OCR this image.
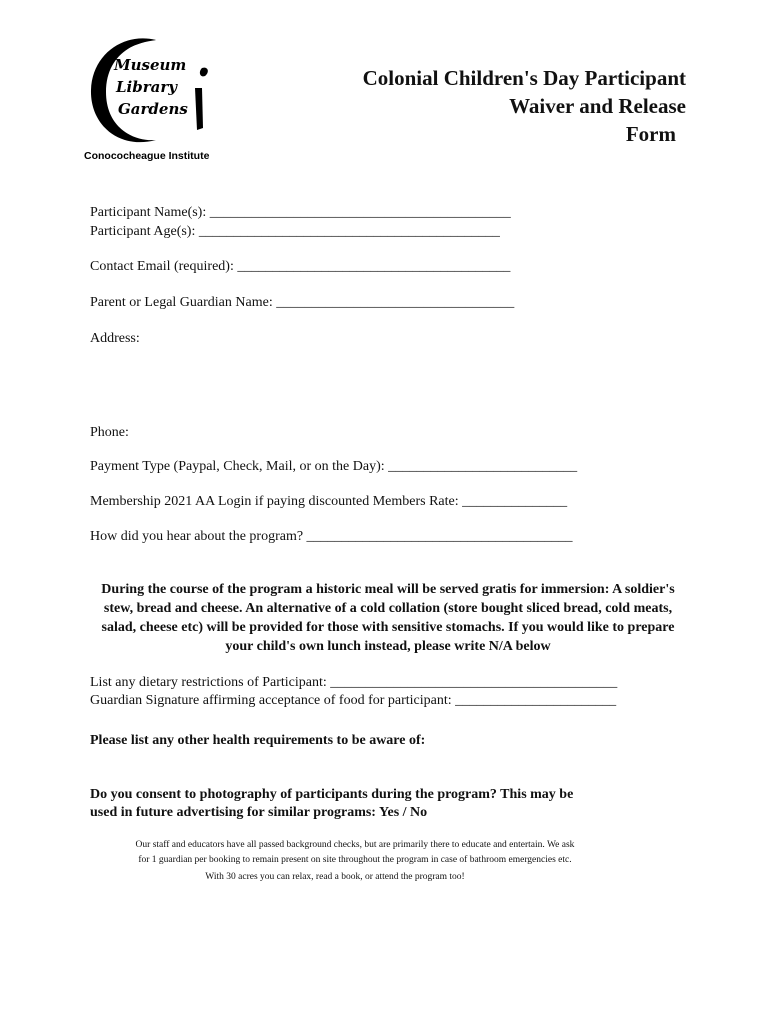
Museum
Library
Gardens
Conococheague Institute
Colonial Children's Day Participant
Waiver and Release
Form
Participant Name(s): ___________________________________________
Participant Age(s): ___________________________________________
Contact Email (required): _______________________________________
Parent or Legal Guardian Name: __________________________________
Address:
Phone:
Payment Type (Paypal, Check, Mail, or on the Day): ___________________________
Membership 2021 AA Login if paying discounted Members Rate: _______________
How did you hear about the program? ______________________________________
During the course of the program a historic meal will be served gratis for immersion: A soldier's stew, bread and cheese. An alternative of a cold collation (store bought sliced bread, cold meats, salad, cheese etc) will be provided for those with sensitive stomachs. If you would like to prepare your child's own lunch instead, please write N/A below
List any dietary restrictions of Participant: _________________________________________
Guardian Signature affirming acceptance of food for participant: _______________________
Please list any other health requirements to be aware of:
Do you consent to photography of participants during the program? This may be
used in future advertising for similar programs: Yes / No
Our staff and educators have all passed background checks, but are primarily there to educate and entertain. We ask
for 1 guardian per booking to remain present on site throughout the program in case of bathroom emergencies etc.
With 30 acres you can relax, read a book, or attend the program too!
